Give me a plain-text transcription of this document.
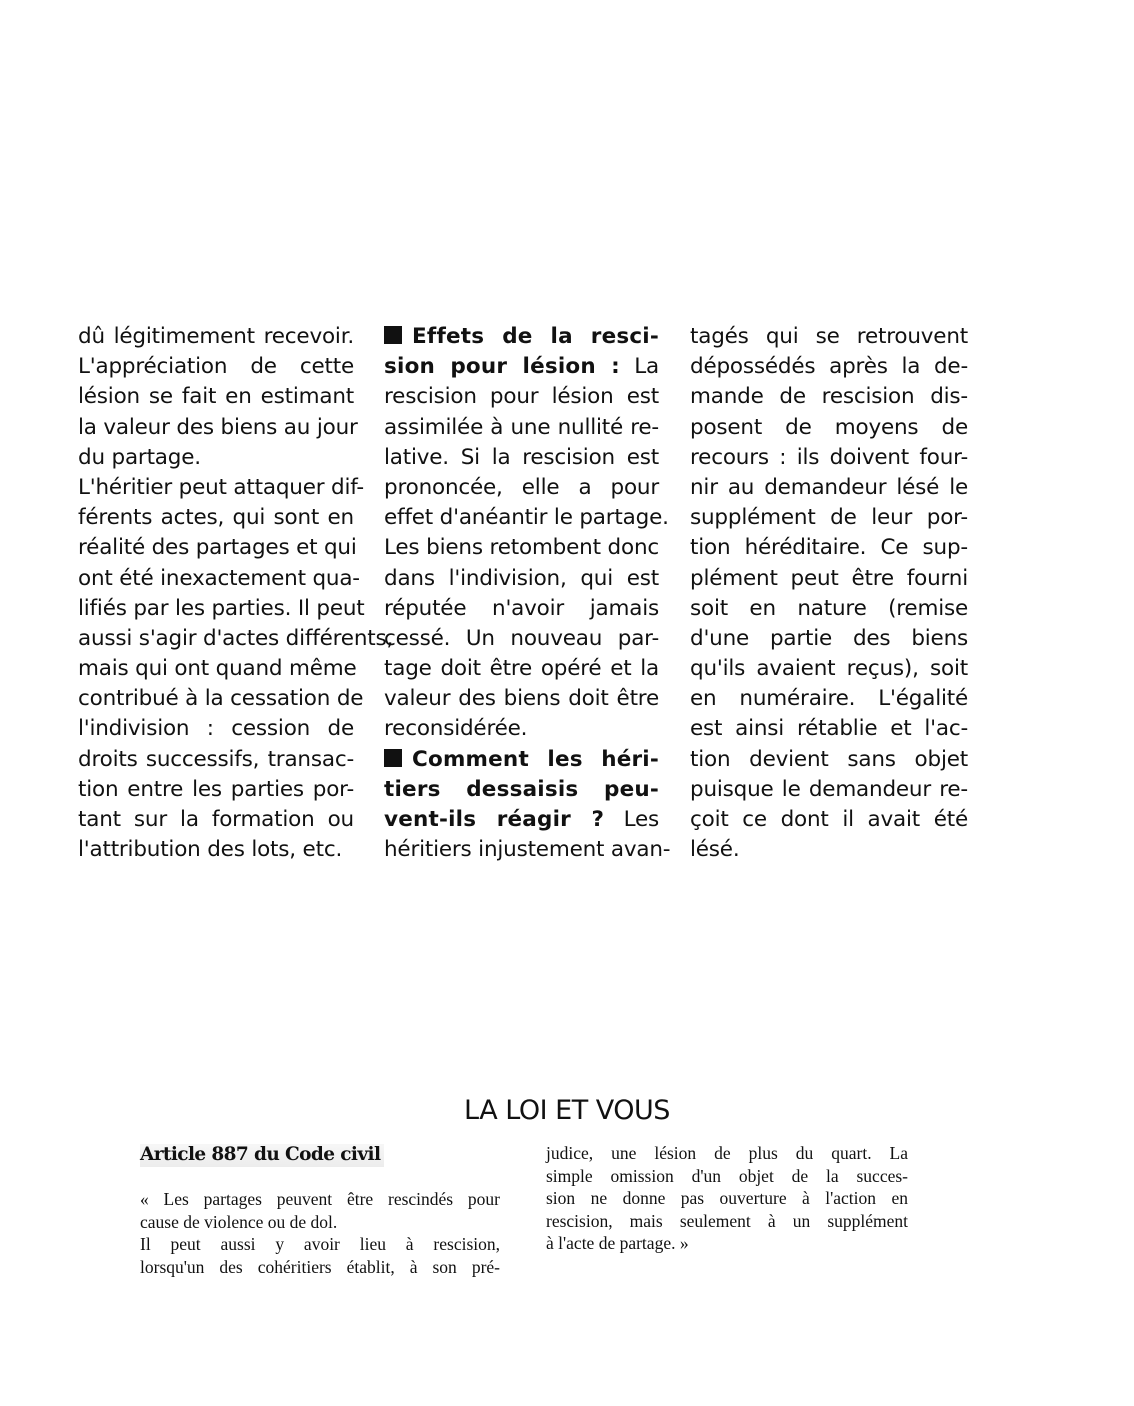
dû légitimement recevoir.
L'appréciation de cette
lésion se fait en estimant
la valeur des biens au jour
du partage.

L'héritier peut attaquer dif-
férents actes, qui sont en
réalité des partages et qui
ont été inexactement qua-
lifiés par les parties. Il peut
aussi s'agir d'actes différents,
mais qui ont quand même
contribué à la cessation de
l'indivision : cession de
droits successifs, transac-
tion entre les parties por-
tant sur la formation ou
l'attribution des lots, etc.

Effets de la resci-
sion pour lésion : La
rescision pour lésion est
assimilée à une nullité re-
lative. Si la rescision est
prononcée, elle a pour
effet d'anéantir le partage.
Les biens retombent donc
dans l'indivision, qui est
réputée n'avoir jamais
cessé. Un nouveau par-
tage doit être opéré et la
valeur des biens doit être
reconsidérée.

Comment les héri-
tiers dessaisis peu-
vent-ils réagir ? Les
héritiers injustement avan-

tagés qui se retrouvent
dépossédés après la de-
mande de rescision dis-
posent de moyens de
recours : ils doivent four-
nir au demandeur lésé le
supplément de leur por-
tion héréditaire. Ce sup-
plément peut être fourni
soit en nature (remise
d'une partie des biens
qu'ils avaient reçus), soit
en numéraire. L'égalité
est ainsi rétablie et l'ac-
tion devient sans objet
puisque le demandeur re-
çoit ce dont il avait été
lésé.

LA LOI ET VOUS
Article 887 du Code civil
« Les partages peuvent être rescindés pour
cause de violence ou de dol.
Il peut aussi y avoir lieu à rescision,
lorsqu'un des cohéritiers établit, à son pré-
judice, une lésion de plus du quart. La
simple omission d'un objet de la succes-
sion ne donne pas ouverture à l'action en
rescision, mais seulement à un supplément
à l'acte de partage. »
